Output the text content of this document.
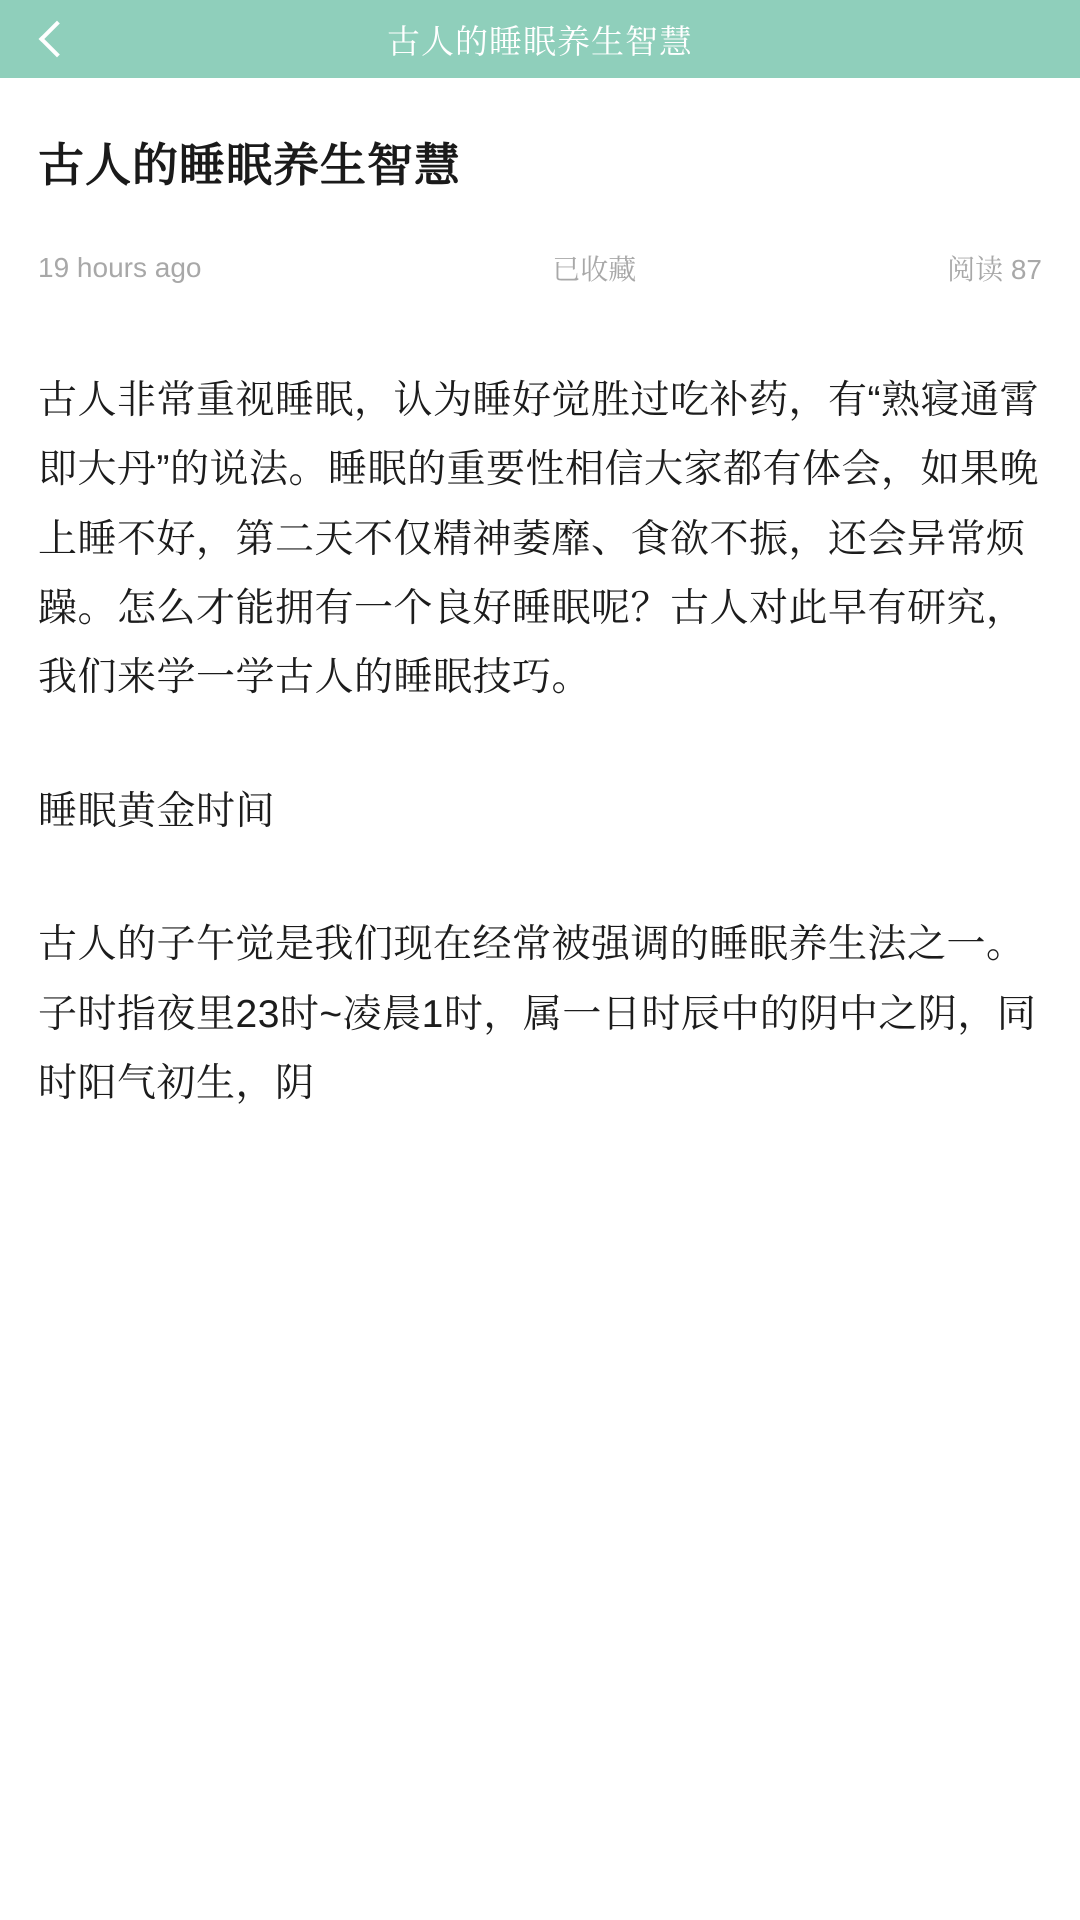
古人的睡眠养生智慧
古人的睡眠养生智慧
19 hours ago	已收藏	阅读 87

古人非常重视睡眠，认为睡好觉胜过吃补药，有“熟寝通霄即大丹”的说法。睡眠的重要性相信大家都有体会，如果晚上睡不好，第二天不仅精神萎靡、食欲不振，还会异常烦躁。怎么才能拥有一个良好睡眠呢？古人对此早有研究，我们来学一学古人的睡眠技巧。

睡眠黄金时间

古人的子午觉是我们现在经常被强调的睡眠养生法之一。子时指夜里23时~凌晨1时，属一日时辰中的阴中之阴，同时阳气初生，阴
